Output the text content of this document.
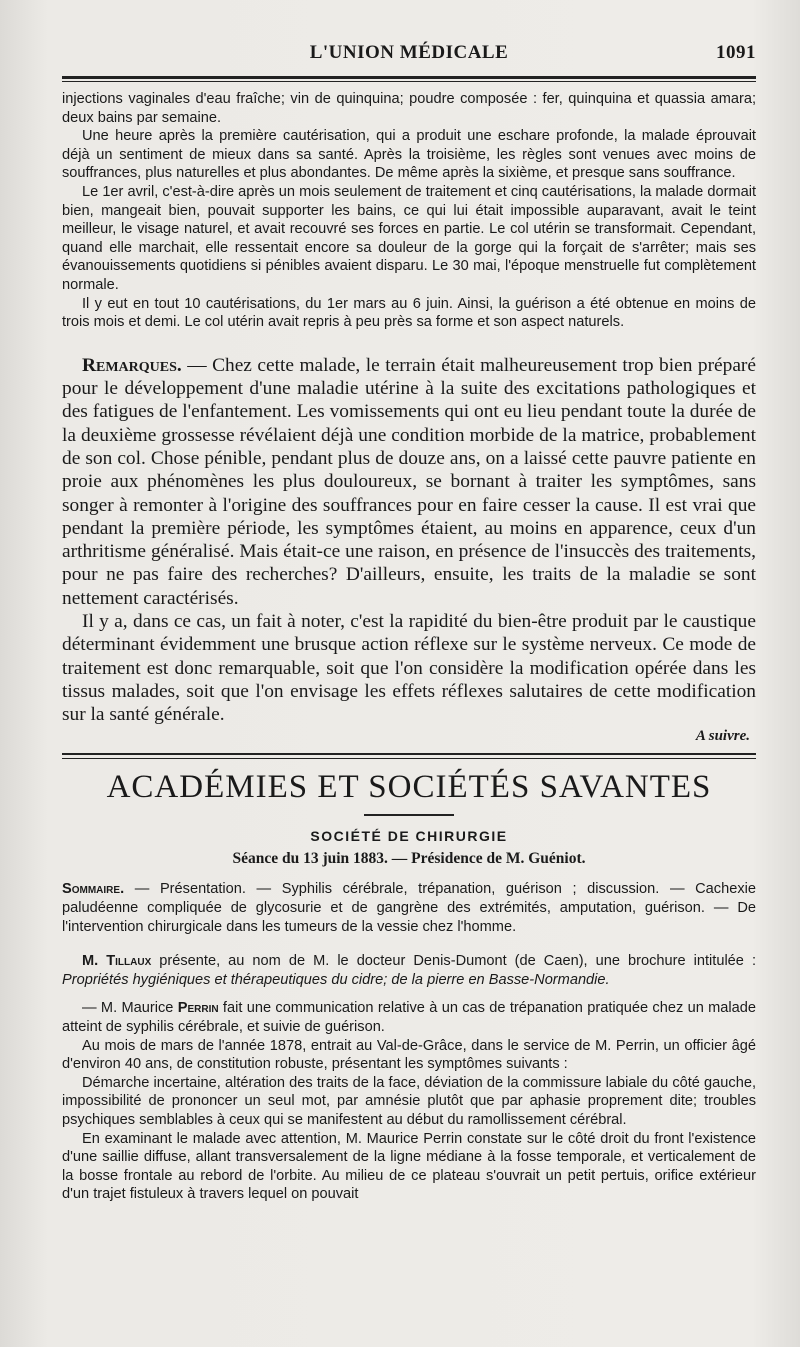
L'UNION MÉDICALE	1091

injections vaginales d'eau fraîche; vin de quinquina; poudre composée : fer, quinquina et quassia amara; deux bains par semaine.

Une heure après la première cautérisation, qui a produit une eschare profonde, la malade éprouvait déjà un sentiment de mieux dans sa santé. Après la troisième, les règles sont venues avec moins de souffrances, plus naturelles et plus abondantes. De même après la sixième, et presque sans souffrance.

Le 1er avril, c'est-à-dire après un mois seulement de traitement et cinq cautérisations, la malade dormait bien, mangeait bien, pouvait supporter les bains, ce qui lui était impossible auparavant, avait le teint meilleur, le visage naturel, et avait recouvré ses forces en partie. Le col utérin se transformait. Cependant, quand elle marchait, elle ressentait encore sa douleur de la gorge qui la forçait de s'arrêter; mais ses évanouissements quotidiens si pénibles avaient disparu. Le 30 mai, l'époque menstruelle fut complètement normale.

Il y eut en tout 10 cautérisations, du 1er mars au 6 juin. Ainsi, la guérison a été obtenue en moins de trois mois et demi. Le col utérin avait repris à peu près sa forme et son aspect naturels.

Remarques. — Chez cette malade, le terrain était malheureusement trop bien préparé pour le développement d'une maladie utérine à la suite des excitations pathologiques et des fatigues de l'enfantement. Les vomissements qui ont eu lieu pendant toute la durée de la deuxième grossesse révélaient déjà une condition morbide de la matrice, probablement de son col. Chose pénible, pendant plus de douze ans, on a laissé cette pauvre patiente en proie aux phénomènes les plus douloureux, se bornant à traiter les symptômes, sans songer à remonter à l'origine des souffrances pour en faire cesser la cause. Il est vrai que pendant la première période, les symptômes étaient, au moins en apparence, ceux d'un arthritisme généralisé. Mais était-ce une raison, en présence de l'insuccès des traitements, pour ne pas faire des recherches? D'ailleurs, ensuite, les traits de la maladie se sont nettement caractérisés.

Il y a, dans ce cas, un fait à noter, c'est la rapidité du bien-être produit par le caustique déterminant évidemment une brusque action réflexe sur le système nerveux. Ce mode de traitement est donc remarquable, soit que l'on considère la modification opérée dans les tissus malades, soit que l'on envisage les effets réflexes salutaires de cette modification sur la santé générale.

A suivre.
ACADÉMIES ET SOCIÉTÉS SAVANTES
SOCIÉTÉ DE CHIRURGIE
Séance du 13 juin 1883. — Présidence de M. Guéniot.

Sommaire. — Présentation. — Syphilis cérébrale, trépanation, guérison ; discussion. — Cachexie paludéenne compliquée de glycosurie et de gangrène des extrémités, amputation, guérison. — De l'intervention chirurgicale dans les tumeurs de la vessie chez l'homme.

M. Tillaux présente, au nom de M. le docteur Denis-Dumont (de Caen), une brochure intitulée : Propriétés hygiéniques et thérapeutiques du cidre; de la pierre en Basse-Normandie.

— M. Maurice Perrin fait une communication relative à un cas de trépanation pratiquée chez un malade atteint de syphilis cérébrale, et suivie de guérison.

Au mois de mars de l'année 1878, entrait au Val-de-Grâce, dans le service de M. Perrin, un officier âgé d'environ 40 ans, de constitution robuste, présentant les symptômes suivants :

Démarche incertaine, altération des traits de la face, déviation de la commissure labiale du côté gauche, impossibilité de prononcer un seul mot, par amnésie plutôt que par aphasie proprement dite; troubles psychiques semblables à ceux qui se manifestent au début du ramollissement cérébral.

En examinant le malade avec attention, M. Maurice Perrin constate sur le côté droit du front l'existence d'une saillie diffuse, allant transversalement de la ligne médiane à la fosse temporale, et verticalement de la bosse frontale au rebord de l'orbite. Au milieu de ce plateau s'ouvrait un petit pertuis, orifice extérieur d'un trajet fistuleux à travers lequel on pouvait
